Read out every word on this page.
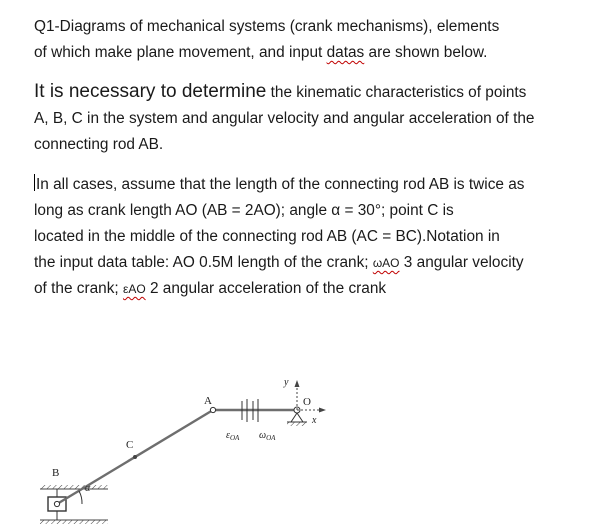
Q1-Diagrams of mechanical systems (crank mechanisms), elements
of which make plane movement, and input datas are shown below.
It is necessary to determine the kinematic characteristics of points
A, B, C in the system and angular velocity and angular acceleration of the
connecting rod AB.
In all cases, assume that the length of the connecting rod AB is twice as
long as crank length AO (AB = 2AO); angle α = 30°; point C is
located in the middle of the connecting rod AB (AC = BC).Notation in
the input data table: AO 0.5M length of the crank; ωAO 3 angular velocity
of the crank; εAO 2 angular acceleration of the crank
A
B
C
O
x
y
α
$\varepsilon_{OA}$ $\omega_{OA}$
